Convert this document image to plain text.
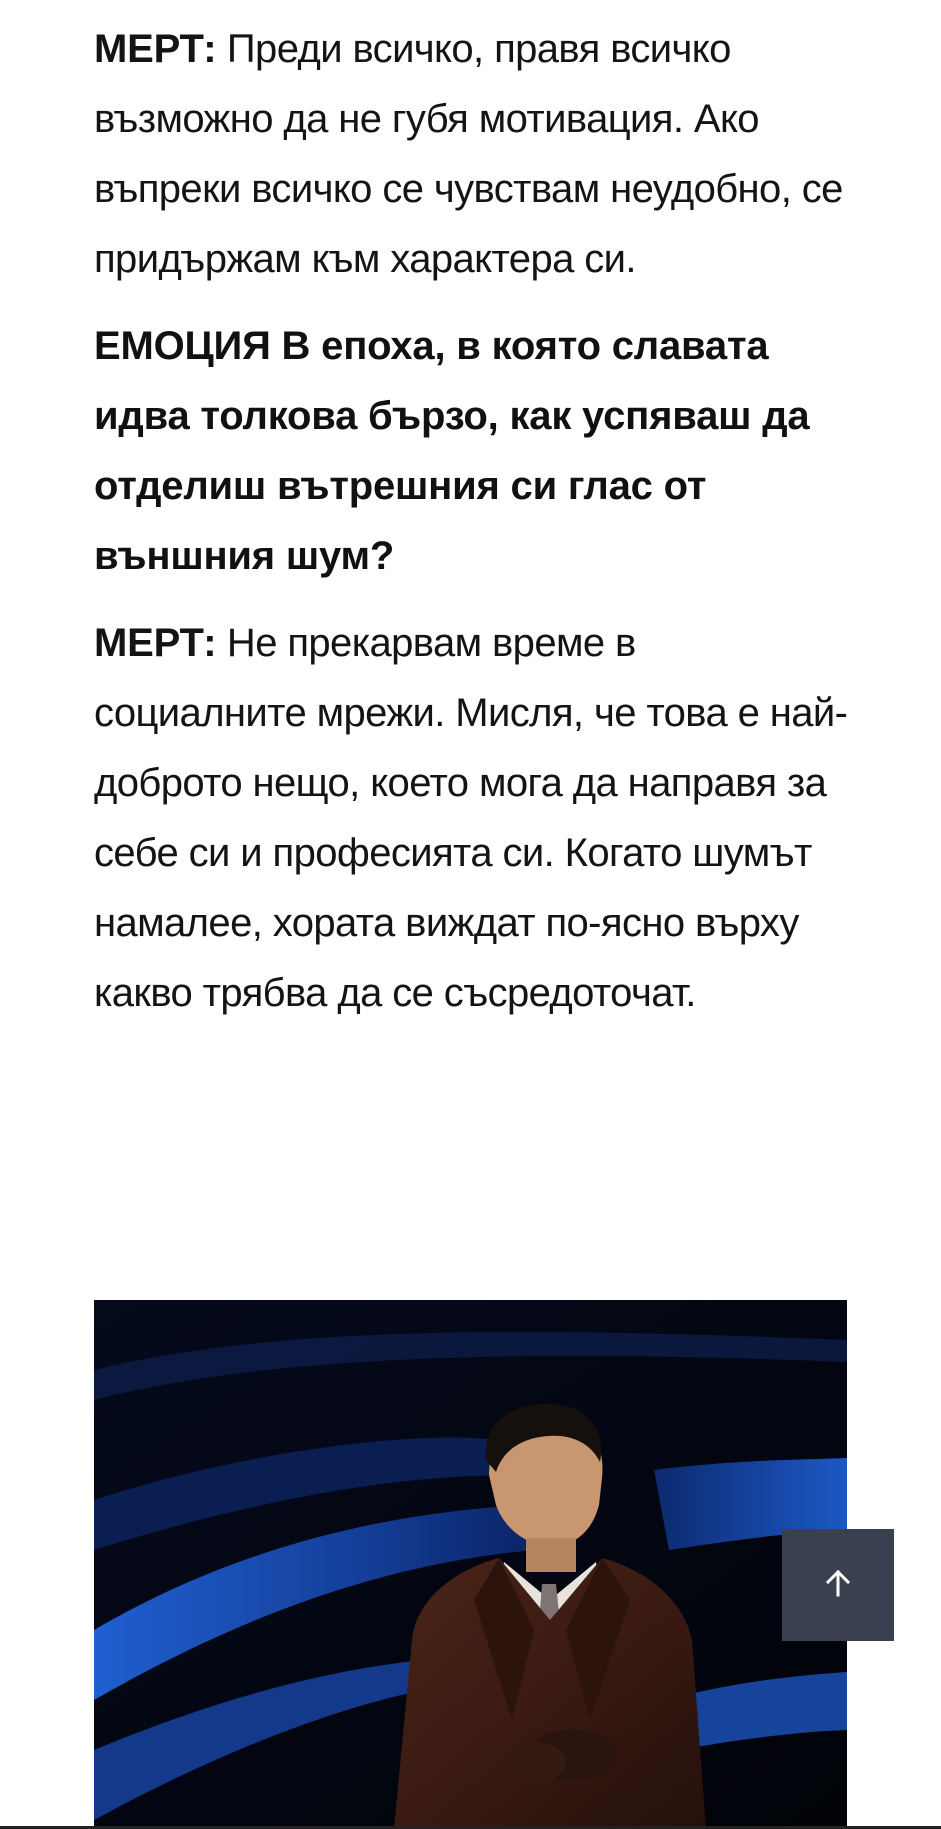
МЕРТ: Преди всичко, правя всичко възможно да не губя мотивация. Ако въпреки всичко се чувствам неудобно, се придържам към характера си.

ЕМОЦИЯ В епоха, в която славата идва толкова бързо, как успяваш да отделиш вътрешния си глас от външния шум?

МЕРТ: Не прекарвам време в социалните мрежи. Мисля, че това е най-доброто нещо, което мога да направя за себе си и професията си. Когато шумът намалее, хората виждат по-ясно върху какво трябва да се съсредоточат.
